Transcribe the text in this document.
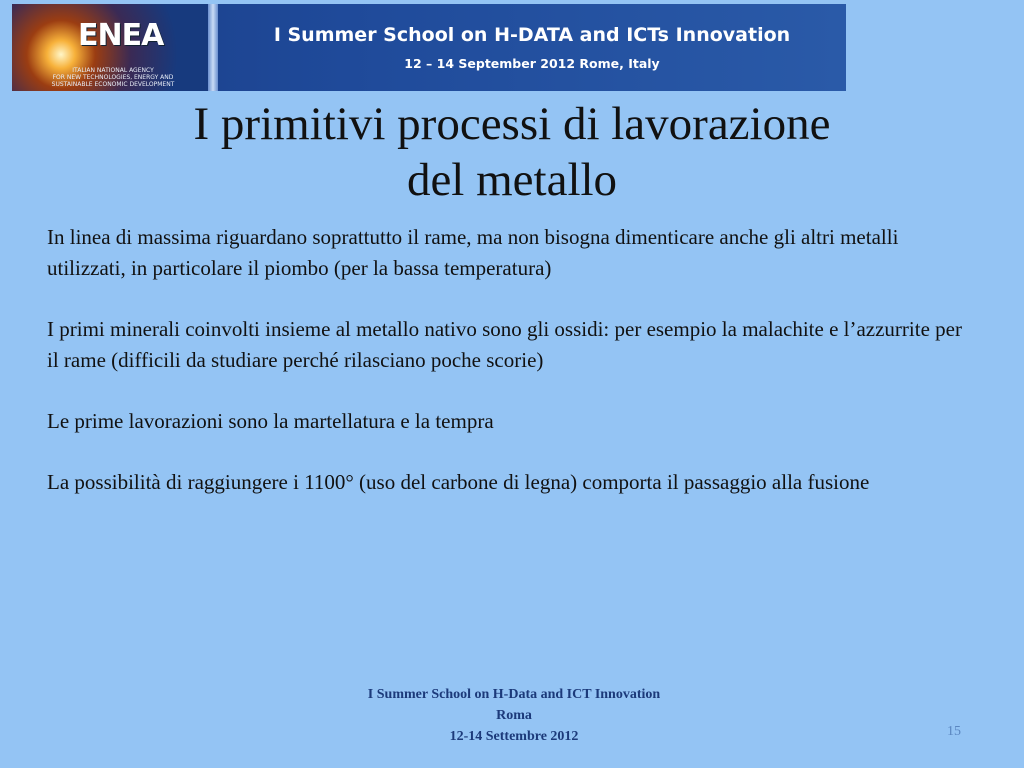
ENEA
ITALIAN NATIONAL AGENCY
FOR NEW TECHNOLOGIES, ENERGY AND
SUSTAINABLE ECONOMIC DEVELOPMENT
I Summer School on H-DATA and ICTs Innovation
12 – 14 September 2012 Rome, Italy
I primitivi processi di lavorazione
del metallo

In linea di massima riguardano soprattutto il rame, ma non bisogna dimenticare anche gli altri metalli utilizzati, in particolare il piombo (per la bassa temperatura)

I primi minerali coinvolti insieme al metallo nativo sono gli ossidi: per esempio la malachite e l’azzurrite per il rame (difficili da studiare perché rilasciano poche scorie)

Le prime lavorazioni sono la martellatura e la tempra

La possibilità di raggiungere i 1100° (uso del carbone di legna) comporta il passaggio alla fusione

I Summer School on H-Data and ICT Innovation
Roma
12-14 Settembre 2012	15
